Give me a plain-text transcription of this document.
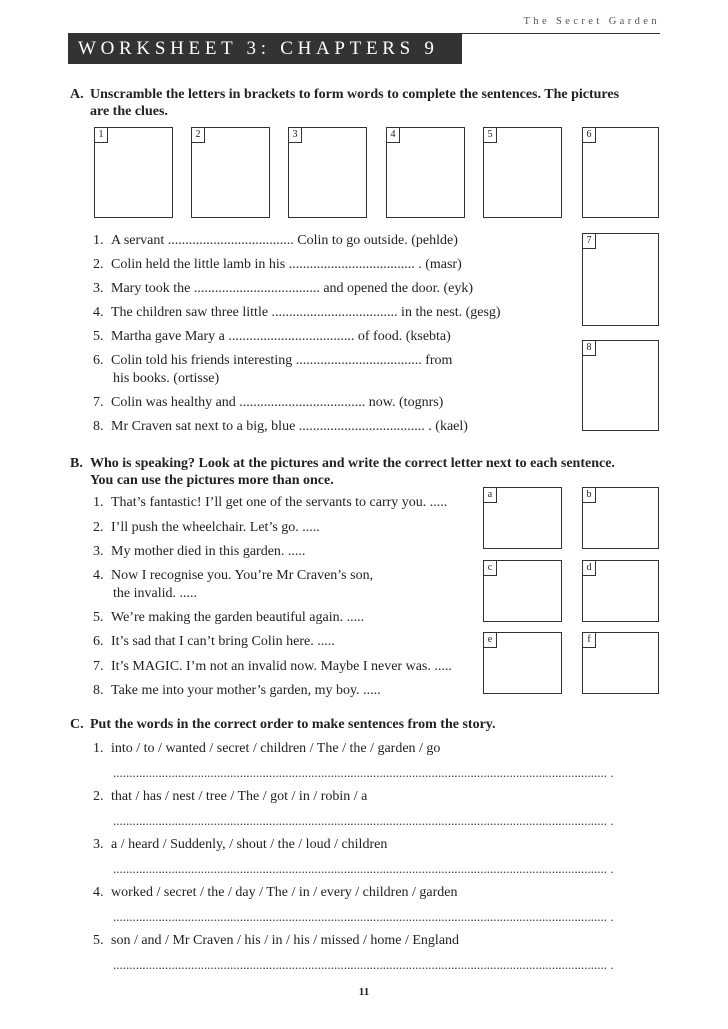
The Secret Garden
WORKSHEET 3: CHAPTERS 9 – 13
A. Unscramble the letters in brackets to form words to complete the sentences. The pictures
are the clues.
1	2	3	4	5	6
7
8
1. A servant .................................... Colin to go outside. (pehlde)
2. Colin held the little lamb in his .................................... . (masr)
3. Mary took the .................................... and opened the door. (eyk)
4. The children saw three little .................................... in the nest. (gesg)
5. Martha gave Mary a .................................... of food. (ksebta)
6. Colin told his friends interesting .................................... from
his books. (ortisse)
7. Colin was healthy and .................................... now. (tognrs)
8. Mr Craven sat next to a big, blue .................................... . (kael)
B. Who is speaking? Look at the pictures and write the correct letter next to each sentence.
You can use the pictures more than once.
a	b
c	d
e	f
1. That’s fantastic! I’ll get one of the servants to carry you. .....
2. I’ll push the wheelchair. Let’s go. .....
3. My mother died in this garden. .....
4. Now I recognise you. You’re Mr Craven’s son,
the invalid. .....
5. We’re making the garden beautiful again. .....
6. It’s sad that I can’t bring Colin here. .....
7. It’s MAGIC. I’m not an invalid now. Maybe I never was. .....
8. Take me into your mother’s garden, my boy. .....
C. Put the words in the correct order to make sentences from the story.
1. into / to / wanted / secret / children / The / the / garden / go
........................................................................................................................................................ .
2. that / has / nest / tree / The / got / in / robin / a
........................................................................................................................................................ .
3. a / heard / Suddenly, / shout / the / loud / children
........................................................................................................................................................ .
4. worked / secret / the / day / The / in / every / children / garden
........................................................................................................................................................ .
5. son / and / Mr Craven / his / in / his / missed / home / England
........................................................................................................................................................ .
11
